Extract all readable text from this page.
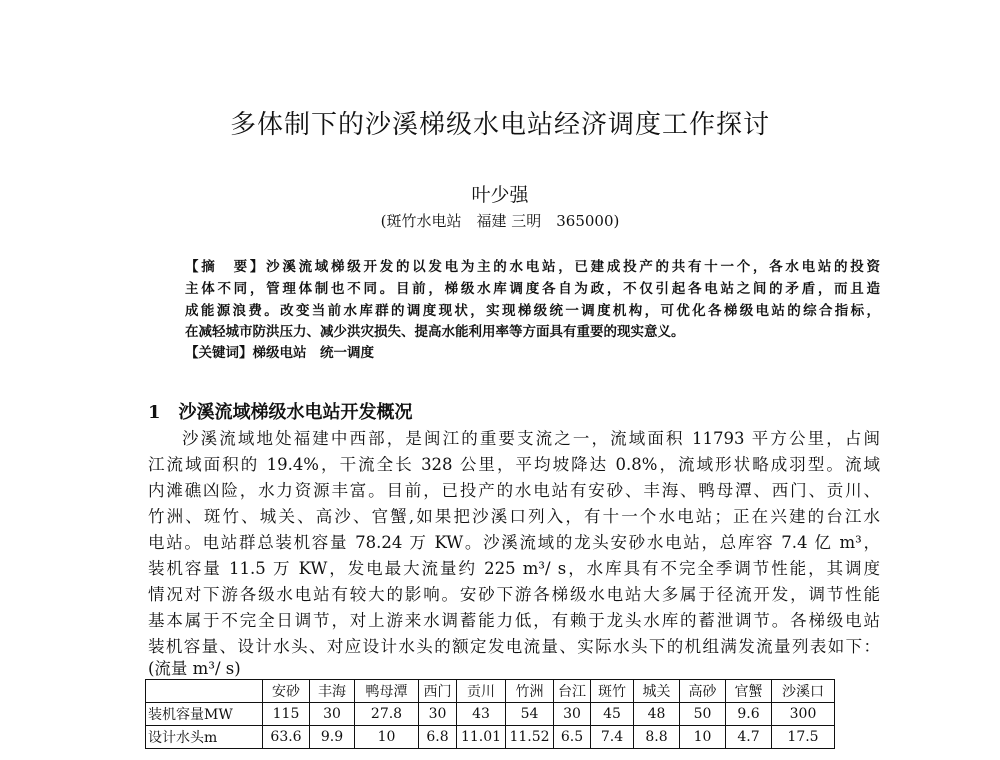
多体制下的沙溪梯级水电站经济调度工作探讨
叶少强
(斑竹水电站　福建 三明　365000)
【摘　要】沙溪流域梯级开发的以发电为主的水电站，已建成投产的共有十一个，各水电站的投资
主体不同，管理体制也不同。目前，梯级水库调度各自为政，不仅引起各电站之间的矛盾，而且造
成能源浪费。改变当前水库群的调度现状，实现梯级统一调度机构，可优化各梯级电站的综合指标，
在减轻城市防洪压力、减少洪灾损失、提高水能利用率等方面具有重要的现实意义。
【关键词】梯级电站　统一调度
1　沙溪流域梯级水电站开发概况
沙溪流域地处福建中西部，是闽江的重要支流之一，流域面积 11793 平方公里，占闽
江流域面积的 19.4%，干流全长 328 公里，平均坡降达 0.8%，流域形状略成羽型。流域
内滩礁凶险，水力资源丰富。目前，已投产的水电站有安砂、丰海、鸭母潭、西门、贡川、
竹洲、斑竹、城关、高沙、官蟹,如果把沙溪口列入，有十一个水电站；正在兴建的台江水
电站。电站群总装机容量 78.24 万 KW。沙溪流域的龙头安砂水电站，总库容 7.4 亿 m³，
装机容量 11.5 万 KW，发电最大流量约 225 m³/ s，水库具有不完全季调节性能，其调度
情况对下游各级水电站有较大的影响。安砂下游各梯级水电站大多属于径流开发，调节性能
基本属于不完全日调节，对上游来水调蓄能力低，有赖于龙头水库的蓄泄调节。各梯级电站
装机容量、设计水头、对应设计水头的额定发电流量、实际水头下的机组满发流量列表如下：
(流量 m³/ s)
	安砂	丰海	鸭母潭	西门	贡川	竹洲	台江	斑竹	城关	高砂	官蟹	沙溪口
装机容量MW	115	30	27.8	30	43	54	30	45	48	50	9.6	300
设计水头m	63.6	9.9	10	6.8	11.01	11.52	6.5	7.4	8.8	10	4.7	17.5
